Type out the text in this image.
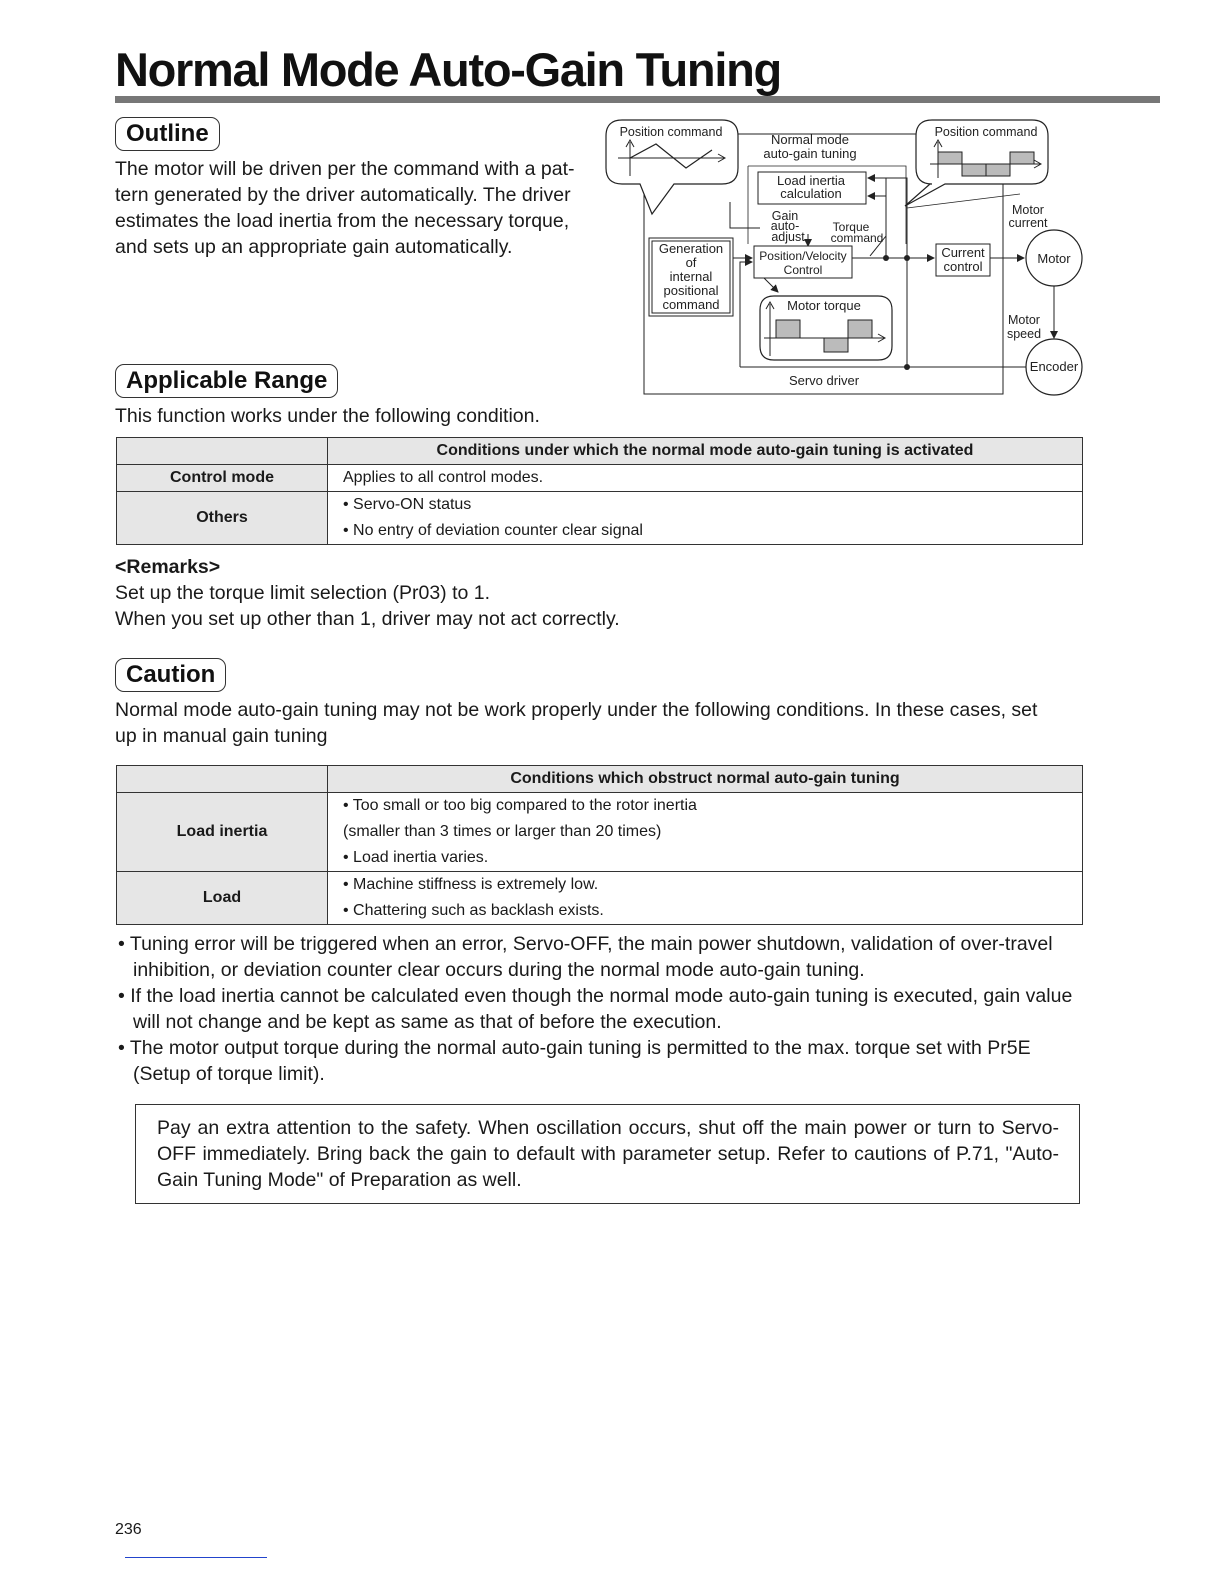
Normal Mode Auto-Gain Tuning
Outline
The motor will be driven per the command with a pat-
tern generated by the driver automatically. The driver
estimates the load inertia from the necessary torque,
and sets up an appropriate gain automatically.
Servo driver
Position command	Normal mode
auto-gain tuning
Position command
Load inertia
calculation
Gain
auto-
adjust
Torque
command
Generation
of
internal
positional
command
Position/Velocity
Control
Current
control
Motor
current
Motor
Motor
speed
Encoder
Motor torque
Applicable Range
This function works under the following condition.
	Conditions under which the normal mode auto-gain tuning is activated
Control mode	Applies to all control modes.

Others	• Servo-ON status
• No entry of deviation counter clear signal
<Remarks>
Set up the torque limit selection (Pr03) to 1.
When you set up other than 1, driver may not act correctly.
Caution
Normal mode auto-gain tuning may not be work properly under the following conditions. In these cases, set
up in manual gain tuning
	Conditions which obstruct normal auto-gain tuning
Load inertia	• Too small or too big compared to the rotor inertia
(smaller than 3 times or larger than 20 times)
• Load inertia varies.

Load	• Machine stiffness is extremely low.
• Chattering such as backlash exists.
• Tuning error will be triggered when an error, Servo-OFF, the main power shutdown, validation of over-travel inhibition, or deviation counter clear occurs during the normal mode auto-gain tuning.
• If the load inertia cannot be calculated even though the normal mode auto-gain tuning is executed, gain value will not change and be kept as same as that of before the execution.
• The motor output torque during the normal auto-gain tuning is permitted to the max. torque set with Pr5E (Setup of torque limit).
Pay an extra attention to the safety. When oscillation occurs, shut off the main power or turn to Servo-OFF immediately. Bring back the gain to default with parameter setup. Refer to cautions of P.71, "Auto-Gain Tuning Mode" of Preparation as well.
236
